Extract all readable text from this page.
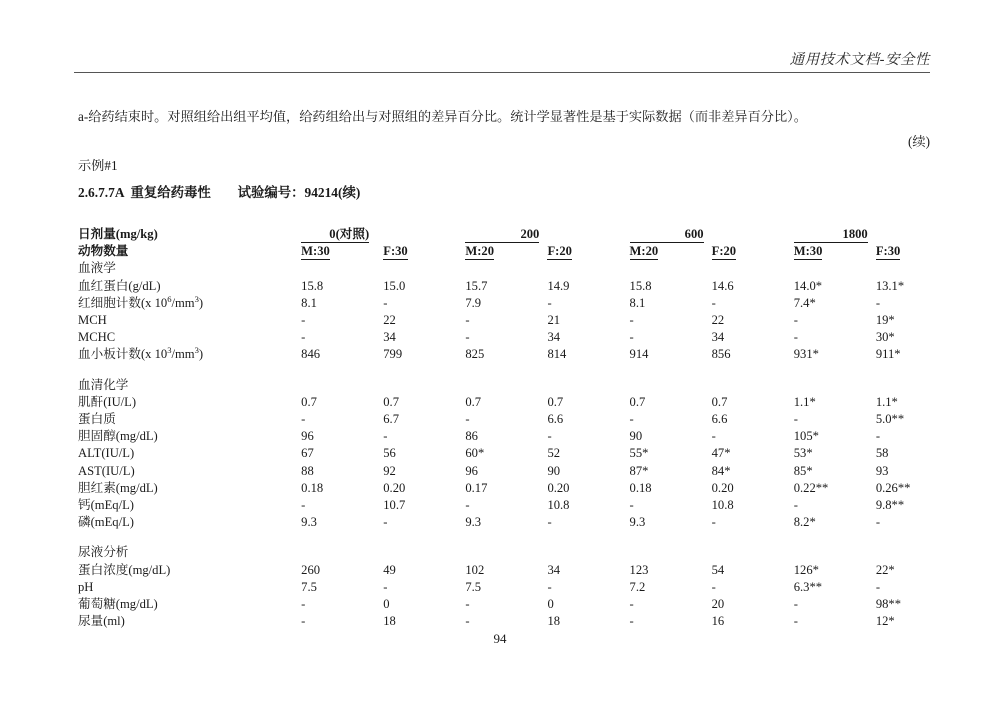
通用技术文档-安全性
a-给药结束时。对照组给出组平均值，给药组给出与对照组的差异百分比。统计学显著性是基于实际数据（而非差异百分比）。
(续)
示例#1
2.6.7.7A  重复给药毒性        试验编号：94214(续)
日剂量(mg/kg)	0(对照)		200		600		1800	
动物数量	M:30	F:30	M:20	F:20	M:20	F:20	M:30	F:30
血液学								
血红蛋白(g/dL)	15.8	15.0	15.7	14.9	15.8	14.6	14.0*	13.1*
红细胞计数(x $10^6/mm^3$)	8.1	-	7.9	-	8.1	-	7.4*	-
MCH	-	22	-	21	-	22	-	19*
MCHC	-	34	-	34	-	34	-	30*
血小板计数(x $10^3/mm^3$)	846	799	825	814	914	856	931*	911*

血清化学								
肌酐(IU/L)	0.7	0.7	0.7	0.7	0.7	0.7	1.1*	1.1*
蛋白质	-	6.7	-	6.6	-	6.6	-	5.0**
胆固醇(mg/dL)	96	-	86	-	90	-	105*	-
ALT(IU/L)	67	56	60*	52	55*	47*	53*	58
AST(IU/L)	88	92	96	90	87*	84*	85*	93
胆红素(mg/dL)	0.18	0.20	0.17	0.20	0.18	0.20	0.22**	0.26**
钙(mEq/L)	-	10.7	-	10.8	-	10.8	-	9.8**
磷(mEq/L)	9.3	-	9.3	-	9.3	-	8.2*	-

尿液分析								
蛋白浓度(mg/dL)	260	49	102	34	123	54	126*	22*
pH	7.5	-	7.5	-	7.2	-	6.3**	-
葡萄糖(mg/dL)	-	0	-	0	-	20	-	98**
尿量(ml)	-	18	-	18	-	16	-	12*
94
